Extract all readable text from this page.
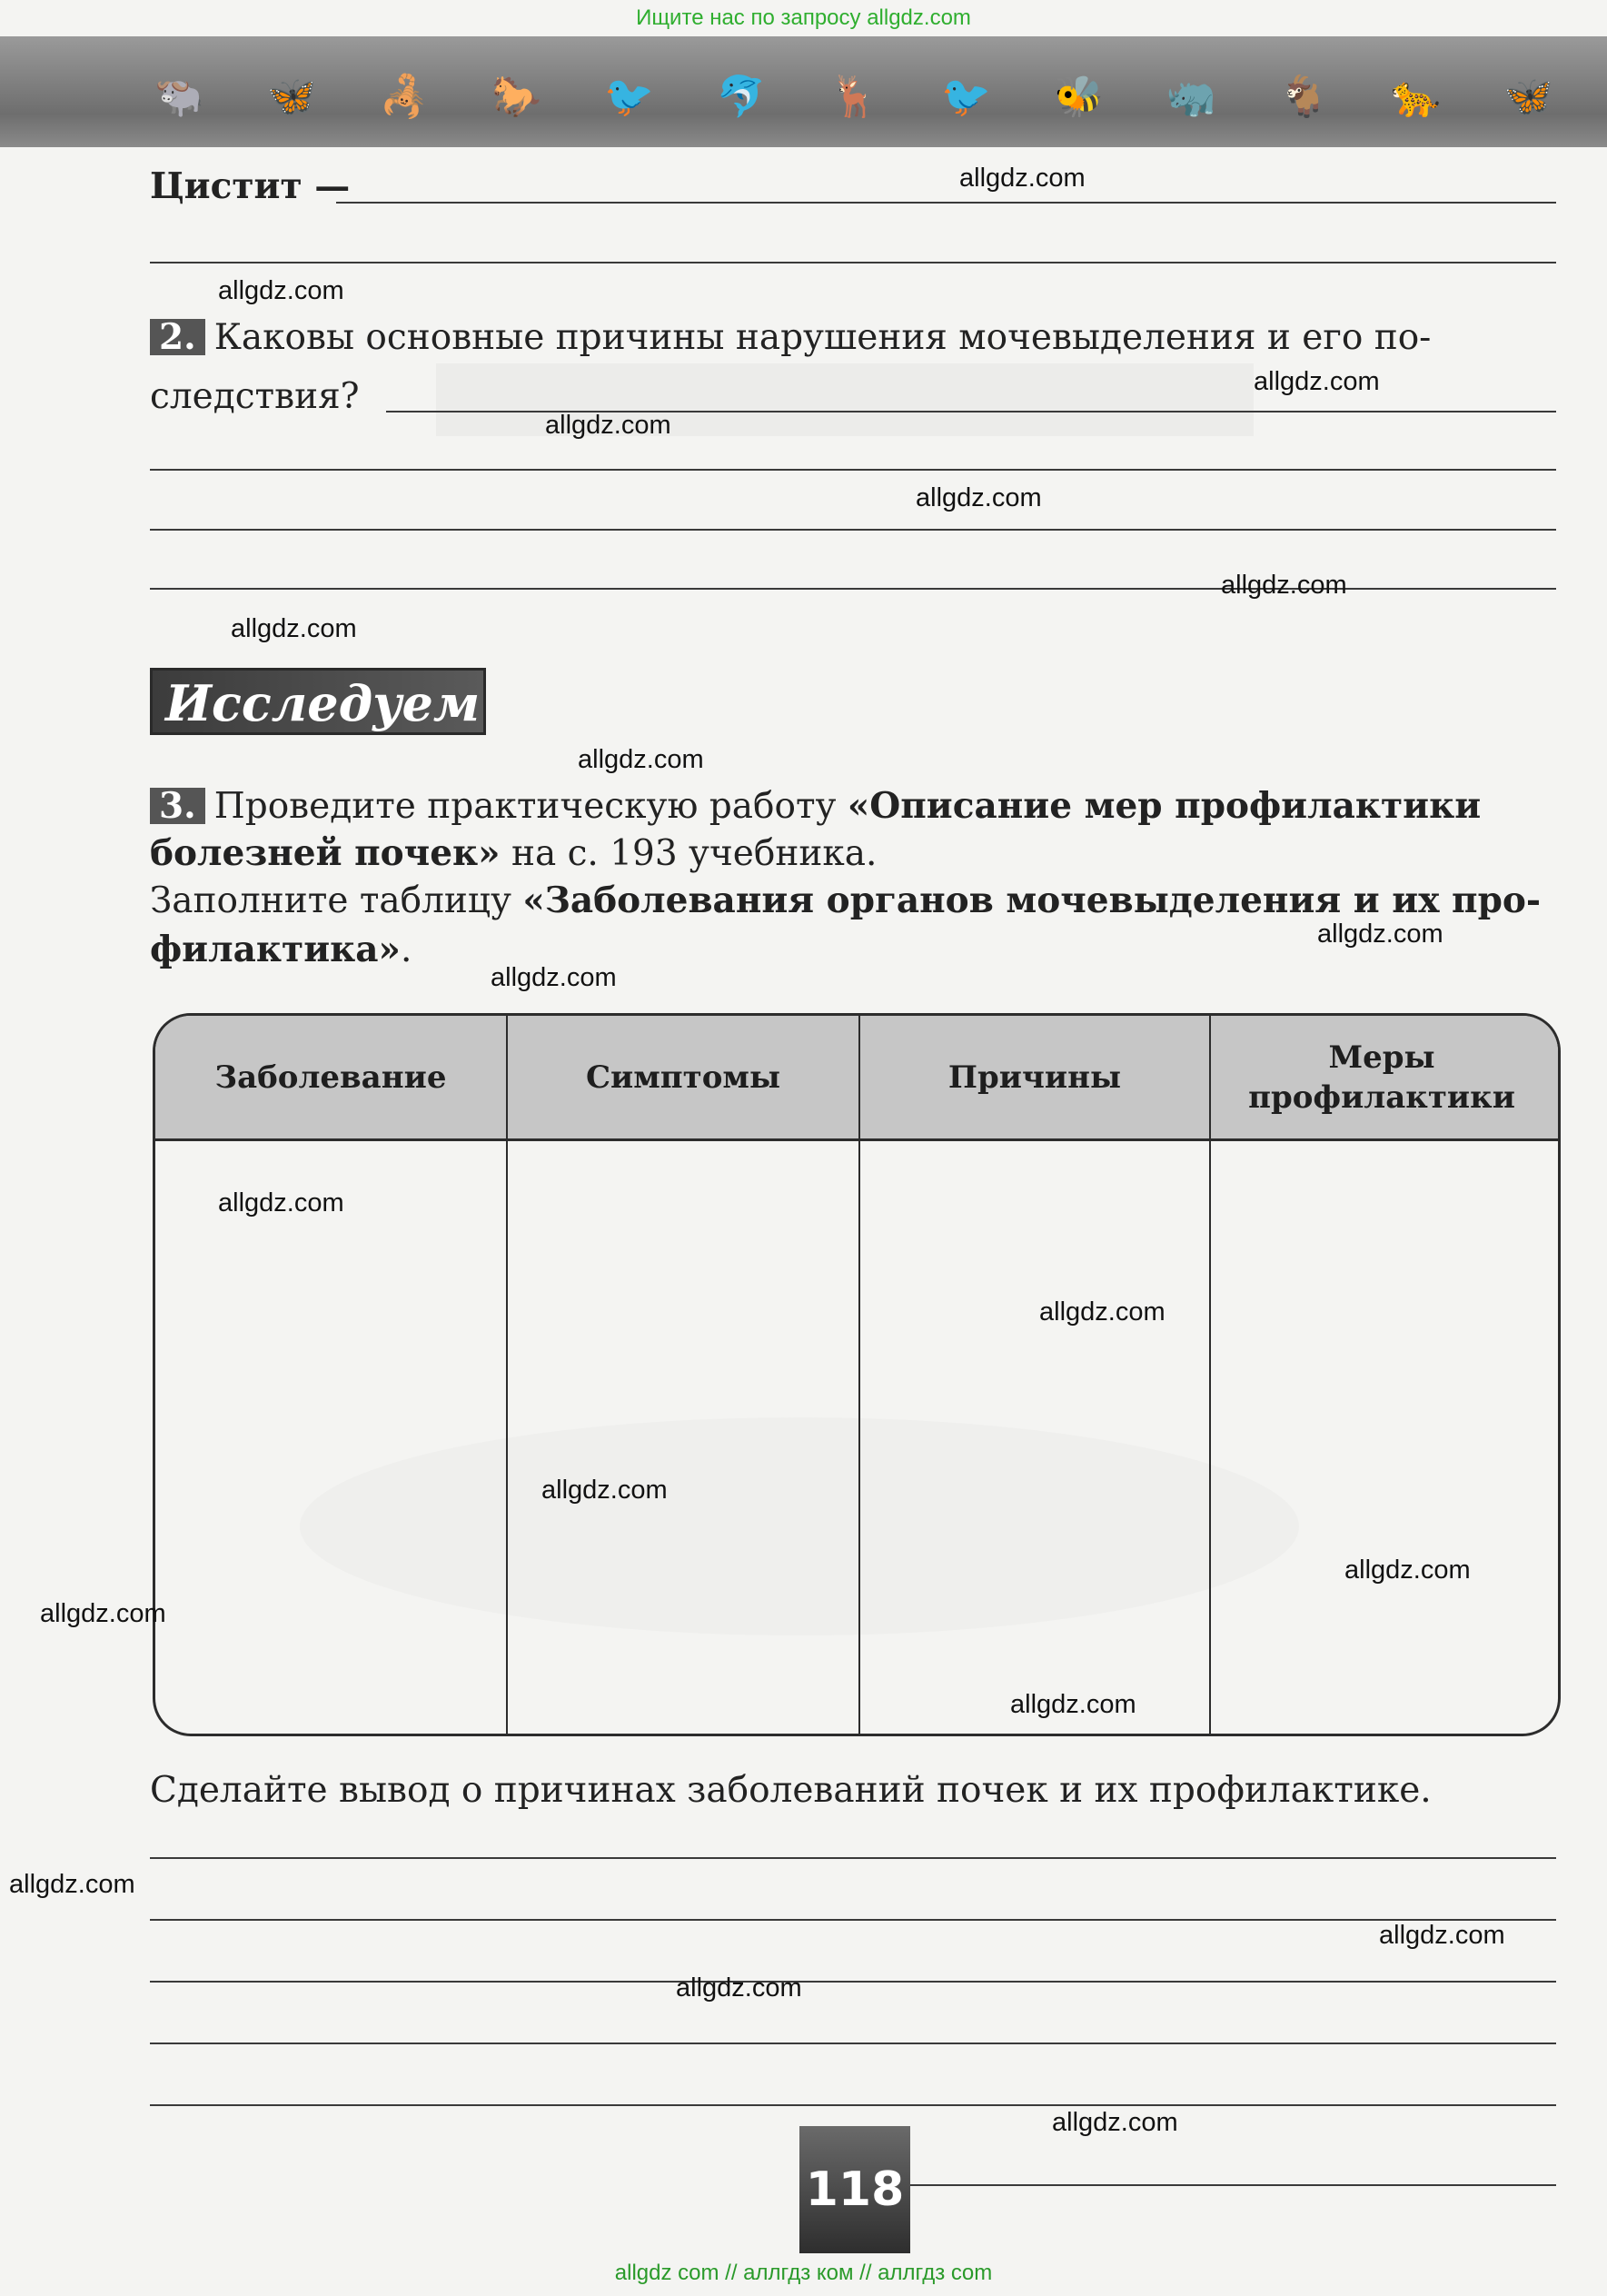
Ищите нас по запросу allgdz.com
🐃 🦋 🦂 🐎 🐦 🐬 🦌 🐦 🐝 🦏 🐐 🐆 🦋
Цистит —
2. Каковы основные причины нарушения мочевыделения и его по-
следствия?
Исследуем
3. Проведите практическую работу «Описание мер профилактики
болезней почек» на с. 193 учебника.
Заполните таблицу «Заболевания органов мочевыделения и их про-
филактика».
Заболевание	Симптомы	Причины
Меры профилактики
Сделайте вывод о причинах заболеваний почек и их профилактике.
118
allgdz.com
allgdz.com
allgdz.com
allgdz.com
allgdz.com
allgdz.com
allgdz.com
allgdz.com
allgdz.com
allgdz.com
allgdz.com
allgdz.com
allgdz.com
allgdz.com
allgdz.com
allgdz.com
allgdz.com
allgdz.com
allgdz.com
allgdz.com
allgdz com // аллгдз ком // аллгдз com
